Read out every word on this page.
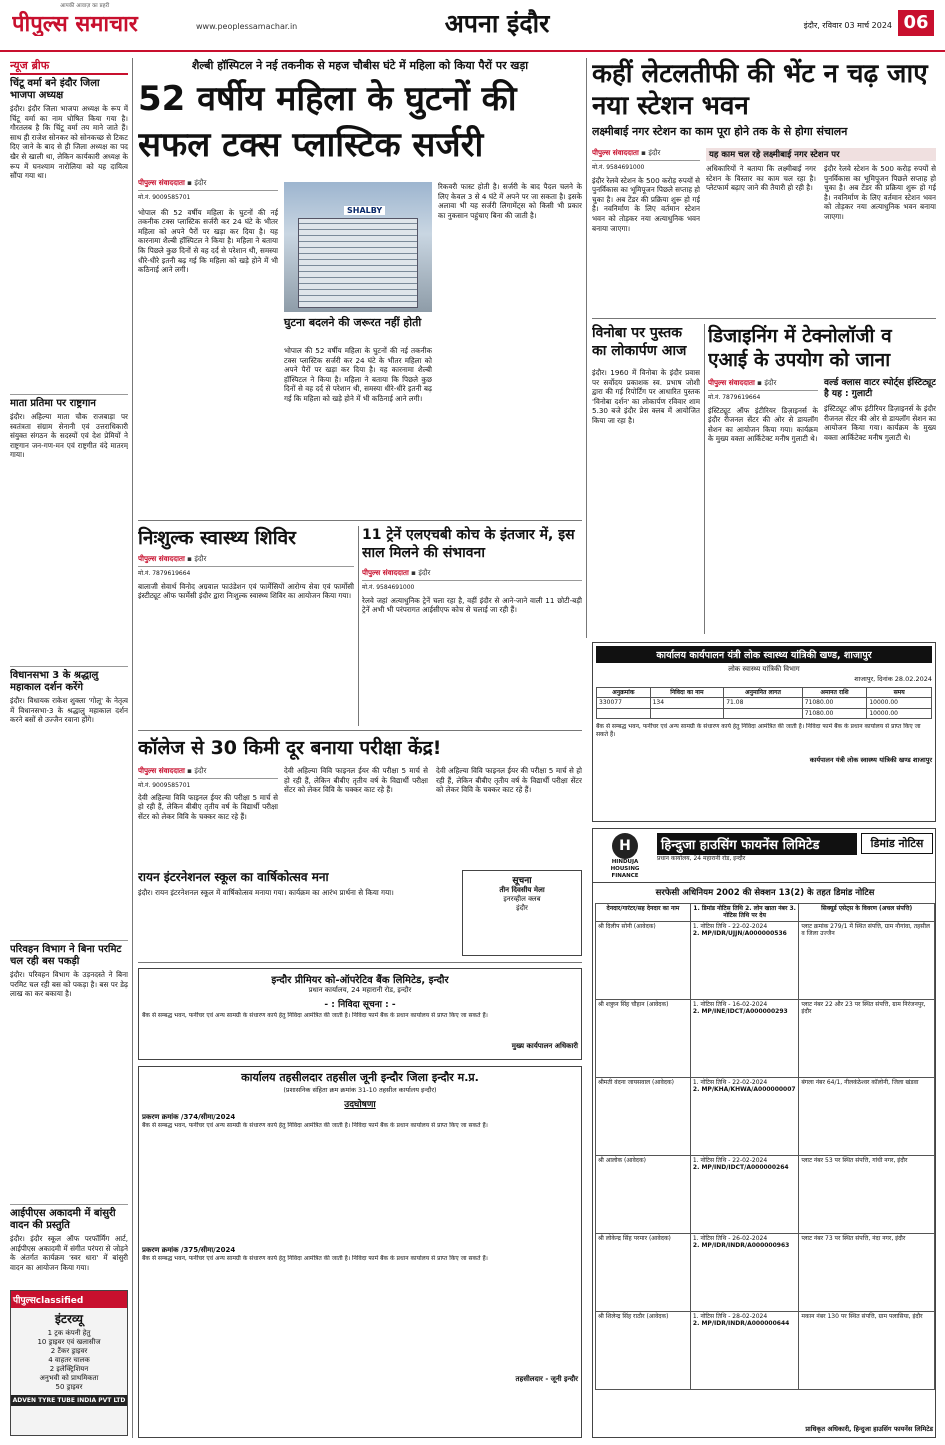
पीपुल्स समाचार
आपकी आवाज़ का प्रहरी
www.peoplessamachar.in	अपना इंदौर	इंदौर, रविवार 03 मार्च 2024 06
न्यूज ब्रीफ
चिंटू वर्मा बने इंदौर जिला भाजपा अध्यक्ष
इंदौर। इंदौर जिला भाजपा अध्यक्ष के रूप में चिंटू वर्मा का नाम घोषित किया गया है। गौरतलब है कि चिंटू वर्मा तय माने जाते हैं। साथ ही राजेश सोनकर को सोनकच्छ से टिकट दिए जाने के बाद से ही जिला अध्यक्ष का पद खैर से खाली था, लेकिन कार्यकारी अध्यक्ष के रूप में घनश्याम नारोलिया को यह दायित्व सौंपा गया था।
माता प्रतिमा पर राष्ट्रगान
इंदौर। अहिल्या माता चौक राजबाड़ा पर स्वतंत्रता संग्राम सेनानी एवं उत्तराधिकारी संयुक्त संगठन के सदस्यों एवं देश प्रेमियों ने राष्ट्रगान जन-गण-मन एवं राष्ट्रगीत वंदे मातरम् गाया।
विधानसभा 3 के श्रद्धालु महाकाल दर्शन करेंगे
इंदौर। विधायक राकेश शुक्ला 'गोलू' के नेतृत्व में विधानसभा-3 के श्रद्धालु महाकाल दर्शन करने बसों से उज्जैन रवाना होंगे।
परिवहन विभाग ने बिना परमिट चल रही बस पकड़ी
इंदौर। परिवहन विभाग के उड़नदस्ते ने बिना परमिट चल रही बस को पकड़ा है। बस पर डेढ़ लाख का कर बकाया है।
आईपीएस अकादमी में बांसुरी वादन की प्रस्तुति
इंदौर। इंदौर स्कूल ऑफ परफॉर्मिंग आर्ट, आईपीएस अकादमी में संगीत परंपरा से जोड़ने के अंतर्गत कार्यक्रम 'स्वर धारा' में बांसुरी वादन का आयोजन किया गया।
पीपुल्सclassified
इंटरव्यू
1 ट्रक कंपनी हेतु
10 ड्राइवर एवं खलासीज
2 टैंकर ड्राइवर
4 वाहतर चालक
2 इलेक्ट्रिशियन
अनुभवी को प्राथमिकता
50 ड्राइवर
ADVEN TYRE TUBE INDIA PVT LTD
शैल्बी हॉस्पिटल ने नई तकनीक से महज चौबीस घंटे में महिला को किया पैरों पर खड़ा
52 वर्षीय महिला के घुटनों की सफल टक्स प्लास्टिक सर्जरी
पीपुल्स संवाददाता ▪ इंदौर
मो.नं. 9009585701
भोपाल की 52 वर्षीय महिला के घुटनों की नई तकनीक टक्स प्लास्टिक सर्जरी कर 24 घंटे के भीतर महिला को अपने पैरों पर खड़ा कर दिया है। यह कारनामा शैल्बी हॉस्पिटल ने किया है। महिला ने बताया कि पिछले कुछ दिनों से वह दर्द से परेशान थी, समस्या धीरे-धीरे इतनी बढ़ गई कि महिला को खड़े होने में भी कठिनाई आने लगी।
SHALBY
घुटना बदलने की जरूरत नहीं होती
भोपाल की 52 वर्षीय महिला के घुटनों की नई तकनीक टक्स प्लास्टिक सर्जरी कर 24 घंटे के भीतर महिला को अपने पैरों पर खड़ा कर दिया है। यह कारनामा शैल्बी हॉस्पिटल ने किया है। महिला ने बताया कि पिछले कुछ दिनों से वह दर्द से परेशान थी, समस्या धीरे-धीरे इतनी बढ़ गई कि महिला को खड़े होने में भी कठिनाई आने लगी।
रिकवरी फास्ट होती है। सर्जरी के बाद पैदल चलने के लिए केवल 3 से 4 घंटे में अपने पर जा सकता है। इसके अलावा भी यह सर्जरी लिगामेंट्स को किसी भी प्रकार का नुकसान पहुंचाए बिना की जाती है।
कहीं लेटलतीफी की भेंट न चढ़ जाए नया स्टेशन भवन
लक्ष्मीबाई नगर स्टेशन का काम पूरा होने तक के से होगा संचालन
पीपुल्स संवाददाता ▪ इंदौर
मो.नं. 9584691000
इंदौर रेलवे स्टेशन के 500 करोड़ रुपयों से पुनर्विकास का भूमिपूजन पिछले सप्ताह हो चुका है। अब टेंडर की प्रक्रिया शुरू हो गई है। नवनिर्माण के लिए वर्तमान स्टेशन भवन को तोड़कर नया अत्याधुनिक भवन बनाया जाएगा।
यह काम चल रहे लक्ष्मीबाई नगर स्टेशन पर
अधिकारियों ने बताया कि लक्ष्मीबाई नगर स्टेशन के विस्तार का काम चल रहा है। प्लेटफार्म बढ़ाए जाने की तैयारी हो रही है।
इंदौर रेलवे स्टेशन के 500 करोड़ रुपयों से पुनर्विकास का भूमिपूजन पिछले सप्ताह हो चुका है। अब टेंडर की प्रक्रिया शुरू हो गई है। नवनिर्माण के लिए वर्तमान स्टेशन भवन को तोड़कर नया अत्याधुनिक भवन बनाया जाएगा।
विनोबा पर पुस्तक का लोकार्पण आज
इंदौर। 1960 में विनोबा के इंदौर प्रवास पर सर्वोदय प्रकाशक स्व. प्रभाष जोशी द्वारा की गई रिपोर्टिंग पर आधारित पुस्तक 'विनोबा दर्शन' का लोकार्पण रविवार शाम 5.30 बजे इंदौर प्रेस क्लब में आयोजित किया जा रहा है।
डिजाइनिंग में टेक्नोलॉजी व एआई के उपयोग को जाना
पीपुल्स संवाददाता ▪ इंदौर
मो.नं. 7879619664
इंस्टिट्यूट ऑफ इंटीरियर डिज़ाइनर्स के इंदौर रीजनल सेंटर की ओर से डायलॉग सेशन का आयोजन किया गया। कार्यक्रम के मुख्य वक्ता आर्किटेक्ट मनीष गुलाटी थे।
वर्ल्ड क्लास वाटर स्पोर्ट्स इंस्टिट्यूट है यह : गुलाटी
इंस्टिट्यूट ऑफ इंटीरियर डिज़ाइनर्स के इंदौर रीजनल सेंटर की ओर से डायलॉग सेशन का आयोजन किया गया। कार्यक्रम के मुख्य वक्ता आर्किटेक्ट मनीष गुलाटी थे।
निःशुल्क स्वास्थ्य शिविर
पीपुल्स संवाददाता ▪ इंदौर
मो.नं. 7879619664
बालाजी सेवार्थ विनोद अग्रवाल फाउंडेशन एवं फार्मेसियों आरोग्य सेवा एवं फार्मोसी इंस्टीट्यूट ऑफ फार्मेसी इंदौर द्वारा निःशुल्क स्वास्थ्य शिविर का आयोजन किया गया।
11 ट्रेनें एलएचबी कोच के इंतजार में, इस साल मिलने की संभावना
पीपुल्स संवाददाता ▪ इंदौर
मो.नं. 9584691000
रेलवे जहां अत्याधुनिक ट्रेनें चला रहा है, वहीं इंदौर से आने-जाने वाली 11 छोटी-बड़ी ट्रेनें अभी भी परंपरागत आईसीएफ कोच से चलाई जा रही हैं।
कॉलेज से 30 किमी दूर बनाया परीक्षा केंद्र!
पीपुल्स संवाददाता ▪ इंदौर
मो.नं. 9009585701
देवी अहिल्या विवि फाइनल ईयर की परीक्षा 5 मार्च से हो रही हैं, लेकिन बीबीए तृतीय वर्ष के विद्यार्थी परीक्षा सेंटर को लेकर विवि के चक्कर काट रहे हैं।
देवी अहिल्या विवि फाइनल ईयर की परीक्षा 5 मार्च से हो रही हैं, लेकिन बीबीए तृतीय वर्ष के विद्यार्थी परीक्षा सेंटर को लेकर विवि के चक्कर काट रहे हैं।
देवी अहिल्या विवि फाइनल ईयर की परीक्षा 5 मार्च से हो रही हैं, लेकिन बीबीए तृतीय वर्ष के विद्यार्थी परीक्षा सेंटर को लेकर विवि के चक्कर काट रहे हैं।
सूचना
तीन दिवसीय मेला
इनरव्हील क्लब
इंदौर
रायन इंटरनेशनल स्कूल का वार्षिकोत्सव मना
इंदौर। रायन इंटरनेशनल स्कूल में वार्षिकोत्सव मनाया गया। कार्यक्रम का आरंभ प्रार्थना से किया गया।
इन्दौर प्रीमियर को-ऑपरेटिव बैंक लिमिटेड, इन्दौर
प्रधान कार्यालय, 24 महारानी रोड, इन्दौर
- : निविदा सूचना : -
बैंक से सम्बद्ध भवन, फर्नीचर एवं अन्य सामग्री के संधारण कार्य हेतु निविदा आमंत्रित की जाती है। निविदा फार्म बैंक के प्रधान कार्यालय से प्राप्त किए जा सकते हैं।
मुख्य कार्यपालन अधिकारी
कार्यालय तहसीलदार तहसील जूनी इन्दौर जिला इन्दौर म.प्र.
(प्रशासनिक संहिता क्रम क्रमांक 31-10 तहसील कार्यालय इन्दौर)
उदघोषणा
प्रकरण क्रमांक /374/सीमा/2024
बैंक से सम्बद्ध भवन, फर्नीचर एवं अन्य सामग्री के संधारण कार्य हेतु निविदा आमंत्रित की जाती है। निविदा फार्म बैंक के प्रधान कार्यालय से प्राप्त किए जा सकते हैं।
प्रकरण क्रमांक /375/सीमा/2024
बैंक से सम्बद्ध भवन, फर्नीचर एवं अन्य सामग्री के संधारण कार्य हेतु निविदा आमंत्रित की जाती है। निविदा फार्म बैंक के प्रधान कार्यालय से प्राप्त किए जा सकते हैं।
तहसीलदार - जूनी इन्दौर
कार्यालय कार्यपालन यंत्री लोक स्वास्थ्य यांत्रिकी खण्ड, शाजापुर
लोक स्वास्थ्य यांत्रिकी विभाग
शाजापुर, दिनांक 28.02.2024
अनुक्रमांक	निविदा का नाम	अनुमानित लागत	अमानत राशि	समय
330077	134	71.08	71080.00	10000.00
			71080.00	10000.00
बैंक से सम्बद्ध भवन, फर्नीचर एवं अन्य सामग्री के संधारण कार्य हेतु निविदा आमंत्रित की जाती है। निविदा फार्म बैंक के प्रधान कार्यालय से प्राप्त किए जा सकते हैं।
कार्यपालन यंत्री लोक स्वास्थ्य यांत्रिकी खण्ड शाजापुर
H
HINDUJA HOUSING FINANCE
हिन्दुजा हाउसिंग फायनेंस लिमिटेड	डिमांड नोटिस
प्रधान कार्यालय, 24 महारानी रोड, इन्दौर
सरफेसी अधिनियम 2002 की सेक्शन 13(2) के तहत डिमांड नोटिस
देनदार/गारंटर/सह देनदार का नाम	1. डिमांड नोटिस तिथि 2. लोन खाता नंबर 3. नोटिस तिथि पर देय	सिक्यूर्ड एसेट्स के विवरण (अचल संपत्ति)
श्री दिलीप सोनी (आवेदक)	1. नोटिस तिथि - 22-02-2024
2. MP/IDR/UJJN/A000000536	प्लाट क्रमांक 279/1 में स्थित संपत्ति, ग्राम नौगांवा, तहसील व जिला उज्जैन
श्री शत्रुघ्न सिंह चौहान (आवेदक)	1. नोटिस तिथि - 16-02-2024
2. MP/INE/IDCT/A000000293	प्लाट नंबर 22 और 23 पर स्थित संपत्ति, ग्राम निरंजनपुर, इंदौर
श्रीमती वंदना जायसवाल (आवेदक)	1. नोटिस तिथि - 22-02-2024
2. MP/KHA/KHWA/A000000007	बंगला नंबर 64/1, नीलकंठेश्वर कॉलोनी, जिला खंडवा
श्री आलोक (आवेदक)	1. नोटिस तिथि - 22-02-2024
2. MP/IND/IDCT/A000000264	प्लाट नंबर 53 पर स्थित संपत्ति, गांधी नगर, इंदौर
श्री लोकेन्द्र सिंह परमार (आवेदक)	1. नोटिस तिथि - 26-02-2024
2. MP/IDR/INDR/A000000963	प्लाट नंबर 73 पर स्थित संपत्ति, नंदा नगर, इंदौर
श्री शिलेन्द्र सिंह राठौर (आवेदक)	1. नोटिस तिथि - 28-02-2024
2. MP/IDR/INDR/A000000644	मकान नंबर 130 पर स्थित संपत्ति, ग्राम पलासिया, इंदौर
प्राधिकृत अधिकारी, हिन्दुजा हाउसिंग फायनेंस लिमिटेड
